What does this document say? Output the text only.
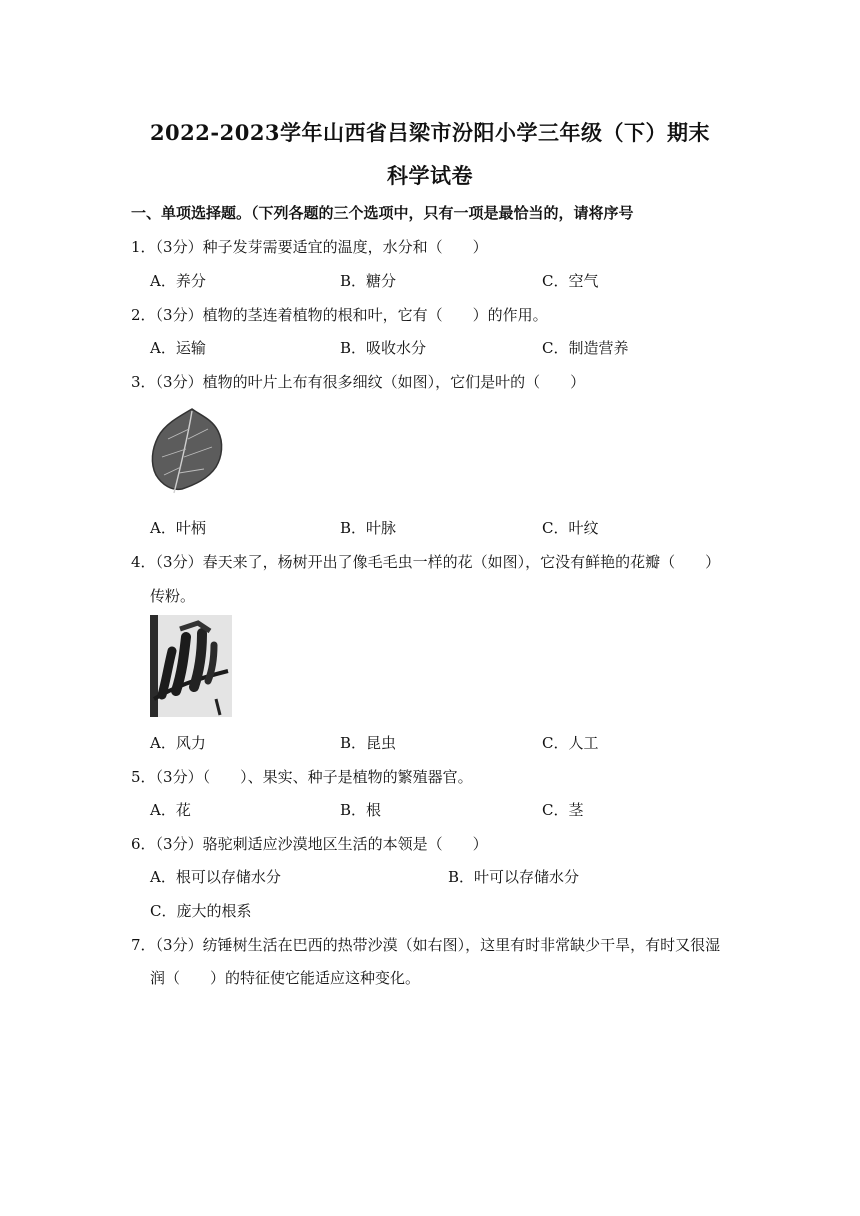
2022-2023学年山西省吕梁市汾阳小学三年级（下）期末
科学试卷
一、单项选择题。（下列各题的三个选项中，只有一项是最恰当的，请将序号
1．（3分）种子发芽需要适宜的温度，水分和（　　）
A．养分	B．糖分	C．空气
2．（3分）植物的茎连着植物的根和叶，它有（　　）的作用。
A．运输	B．吸收水分	C．制造营养
3．（3分）植物的叶片上布有很多细纹（如图），它们是叶的（　　）
A．叶柄	B．叶脉	C．叶纹
4．（3分）春天来了，杨树开出了像毛毛虫一样的花（如图），它没有鲜艳的花瓣（　　）
传粉。
A．风力	B．昆虫	C．人工
5．（3分）（　　）、果实、种子是植物的繁殖器官。
A．花	B．根	C．茎
6．（3分）骆驼刺适应沙漠地区生活的本领是（　　）
A．根可以存储水分	B．叶可以存储水分
C．庞大的根系
7．（3分）纺锤树生活在巴西的热带沙漠（如右图），这里有时非常缺少干旱，有时又很湿
润（　　）的特征使它能适应这种变化。
